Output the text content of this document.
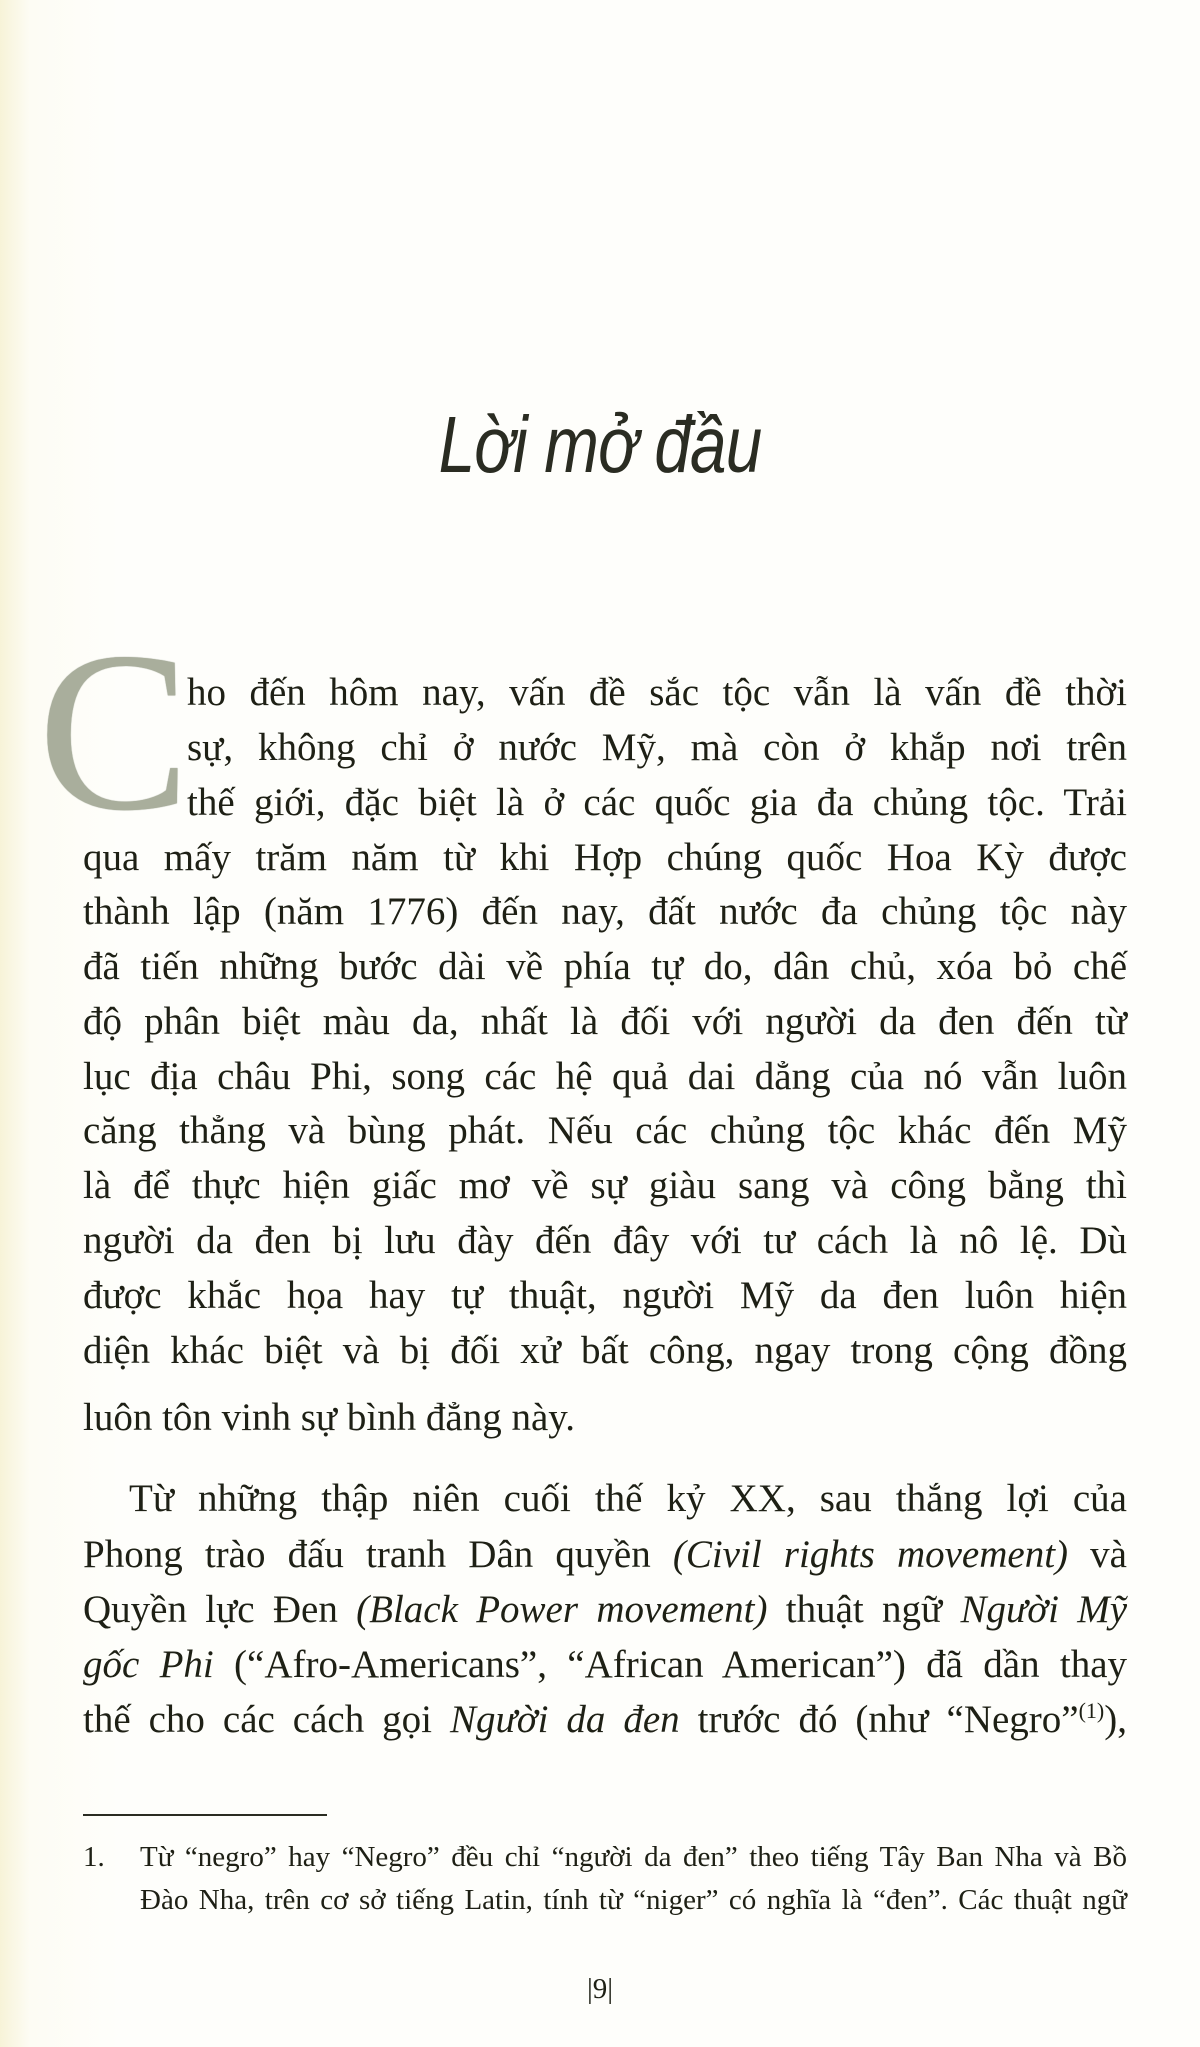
Lời mở đầu
C
ho đến hôm nay, vấn đề sắc tộc vẫn là vấn đề thời
sự, không chỉ ở nước Mỹ, mà còn ở khắp nơi trên
thế giới, đặc biệt là ở các quốc gia đa chủng tộc. Trải
qua mấy trăm năm từ khi Hợp chúng quốc Hoa Kỳ được
thành lập (năm 1776) đến nay, đất nước đa chủng tộc này
đã tiến những bước dài về phía tự do, dân chủ, xóa bỏ chế
độ phân biệt màu da, nhất là đối với người da đen đến từ
lục địa châu Phi, song các hệ quả dai dẳng của nó vẫn luôn
căng thẳng và bùng phát. Nếu các chủng tộc khác đến Mỹ
là để thực hiện giấc mơ về sự giàu sang và công bằng thì
người da đen bị lưu đày đến đây với tư cách là nô lệ. Dù
được khắc họa hay tự thuật, người Mỹ da đen luôn hiện
diện khác biệt và bị đối xử bất công, ngay trong cộng đồng
luôn tôn vinh sự bình đẳng này.
Từ những thập niên cuối thế kỷ XX, sau thắng lợi của
Phong trào đấu tranh Dân quyền (Civil rights movement) và
Quyền lực Đen (Black Power movement) thuật ngữ Người Mỹ
gốc Phi (“Afro-Americans”, “African American”) đã dần thay
thế cho các cách gọi Người da đen trước đó (như “Negro”$^{(1)}$),
1. Từ “negro” hay “Negro” đều chỉ “người da đen” theo tiếng Tây Ban Nha và Bồ
Đào Nha, trên cơ sở tiếng Latin, tính từ “niger” có nghĩa là “đen”. Các thuật ngữ
|9|
